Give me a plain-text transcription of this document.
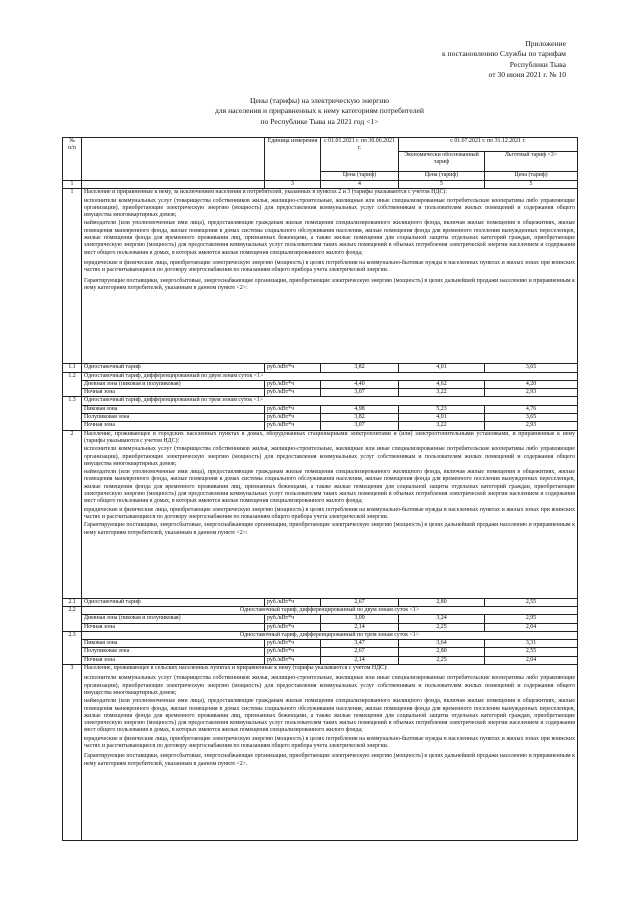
Приложение
к постановлению Службы по тарифам
Республики Тыва
от 30 июня 2021 г. № 10
Цены (тарифы) на электрическую энергию
для населения и приравненных к нему категориям потребителей
по Республике Тыва на 2021 год <1>
№
п/п		Единица измерения	с 01.01.2021 г. по 30.06.2021 г.	с 01.07.2021 г. по 31.12.2021 г.	
				Экономически обоснованный тариф	Льготный тариф <3>
			Цена (тариф)	Цена (тариф)	Цена (тариф)
1		3	4	5	5
1	Население и приравненные к нему, за исключением населения и потребителей, указанных в пунктах 2 и 3 (тарифы указываются с учетом НДС):

исполнители коммунальных услуг (товарищества собственников жилья, жилищно-строительные, жилищные или иные специализированные потребительские кооперативы либо управляющие организации), приобретающие электрическую энергию (мощность) для предоставления коммунальных услуг собственникам и пользователям жилых помещений и содержания общего имущества многоквартирных домов;

наймодатели (или уполномоченные ими лица), предоставляющие гражданам жилые помещения специализированного жилищного фонда, включая жилые помещения в общежитиях, жилые помещения маневренного фонда, жилые помещения в домах системы социального обслуживания населения, жилые помещения фонда для временного поселения вынужденных переселенцев, жилые помещения фонда для временного проживания лиц, признанных беженцами, а также жилые помещения для социальной защиты отдельных категорий граждан, приобретающие электрическую энергию (мощность) для предоставления коммунальных услуг пользователям таких жилых помещений в объемах потребления электрической энергии населением и содержания мест общего пользования в домах, в которых имеются жилые помещения специализированного жилого фонда;

юридические и физические лица, приобретающие электрическую энергию (мощность) в целях потребления на коммунально-бытовые нужды в населенных пунктах и жилых зонах при воинских частях и рассчитывающиеся по договору энергоснабжения по показаниям общего прибора учета электрической энергии.

Гарантирующие поставщики, энергосбытовые, энергоснабжающие организации, приобретающие электрическую энергию (мощность) в целях дальнейшей продажи населению и приравненным к нему категориям потребителей, указанным в данном пункте <2>:				

1.1	Одноставочный тариф	руб./кВт*ч	3,82	4,01	3,65
1.2	Одноставочный тариф, дифференцированный по двум зонам суток <1>				
	Дневная зона (пиковая и полупиковая)	руб./кВт*ч	4,40	4,62	4,20
	Ночная зона	руб./кВт*ч	3,07	3,22	2,93
1.3	Одноставочный тариф, дифференцированный по трем зонам суток <1>				
	Пиковая зона	руб./кВт*ч	4,98	5,23	4,76
	Полупиковая зона	руб./кВт*ч	3,82	4,01	3,65
	Ночная зона	руб./кВт*ч	3,07	3,22	2,93
2	Население, проживающее в городских населенных пунктах в домах, оборудованных стационарными электроплитами и (или) электроотопительными установками, и приравненные к нему (тарифы указываются с учетом НДС):

исполнители коммунальных услуг (товарищества собственников жилья, жилищно-строительные, жилищные или иные специализированные потребительские кооперативы либо управляющие организации), приобретающие электрическую энергию (мощность) для предоставления коммунальных услуг собственникам и пользователям жилых помещений и содержания общего имущества многоквартирных домов;

наймодатели (или уполномоченные ими лица), предоставляющие гражданам жилые помещения специализированного жилищного фонда, включая жилые помещения в общежитиях, жилые помещения маневренного фонда, жилые помещения в домах системы социального обслуживания населения, жилые помещения фонда для временного поселения вынужденных переселенцев, жилые помещения фонда для временного проживания лиц, признанных беженцами, а также жилые помещения для социальной защиты отдельных категорий граждан, приобретающие электрическую энергию (мощность) для предоставления коммунальных услуг пользователям таких жилых помещений в объемах потребления электрической энергии населением и содержания мест общего пользования в домах, в которых имеются жилые помещения специализированного жилого фонда;

юридические и физические лица, приобретающие электрическую энергию (мощность) в целях потребления на коммунально-бытовые нужды в населенных пунктах и жилых зонах при воинских частях и рассчитывающиеся по договору энергоснабжения по показаниям общего прибора учета электрической энергии.

Гарантирующие поставщики, энергосбытовые, энергоснабжающие организации, приобретающие электрическую энергию (мощность) в целях дальнейшей продажи населению и приравненным к нему категориям потребителей, указанным в данном пункте <2>:				

2.1	Одноставочный тариф	руб./кВт*ч	2,67	2,80	2,55
2.2	Одноставочный тариф, дифференцированный по двум зонам суток <1>				
	Дневная зона (пиковая и полупиковая)	руб./кВт*ч	3,09	3,24	2,95
	Ночная зона	руб./кВт*ч	2,14	2,25	2,04
2.3	Одноставочный тариф, дифференцированный по трем зонам суток <1>				
	Пиковая зона	руб./кВт*ч	3,47	3,64	3,31
	Полупиковая зона	руб./кВт*ч	2,67	2,80	2,55
	Ночная зона	руб./кВт*ч	2,14	2,25	2,04
3	Население, проживающее в сельских населенных пунктах и приравненные к нему (тарифы указываются с учетом НДС):

исполнители коммунальных услуг (товарищества собственников жилья, жилищно-строительные, жилищные или иные специализированные потребительские кооперативы либо управляющие организации), приобретающие электрическую энергию (мощность) для предоставления коммунальных услуг собственникам и пользователям жилых помещений и содержания общего имущества многоквартирных домов;

наймодатели (или уполномоченные ими лица), предоставляющие гражданам жилые помещения специализированного жилищного фонда, включая жилые помещения в общежитиях, жилые помещения маневренного фонда, жилые помещения в домах системы социального обслуживания населения, жилые помещения фонда для временного поселения вынужденных переселенцев, жилые помещения фонда для временного проживания лиц, признанных беженцами, а также жилые помещения для социальной защиты отдельных категорий граждан, приобретающие электрическую энергию (мощность) для предоставления коммунальных услуг пользователям таких жилых помещений в объемах потребления электрической энергии населением и содержания мест общего пользования в домах, в которых имеются жилые помещения специализированного жилого фонда;

юридические и физические лица, приобретающие электрическую энергию (мощность) в целях потребления на коммунально-бытовые нужды в населенных пунктах и жилых зонах при воинских частях и рассчитывающиеся по договору энергоснабжения по показаниям общего прибора учета электрической энергии.

Гарантирующие поставщики, энергосбытовые, энергоснабжающие организации, приобретающие электрическую энергию (мощность) в целях дальнейшей продажи населению и приравненным к нему категориям потребителей, указанным в данном пункте <2>.				
